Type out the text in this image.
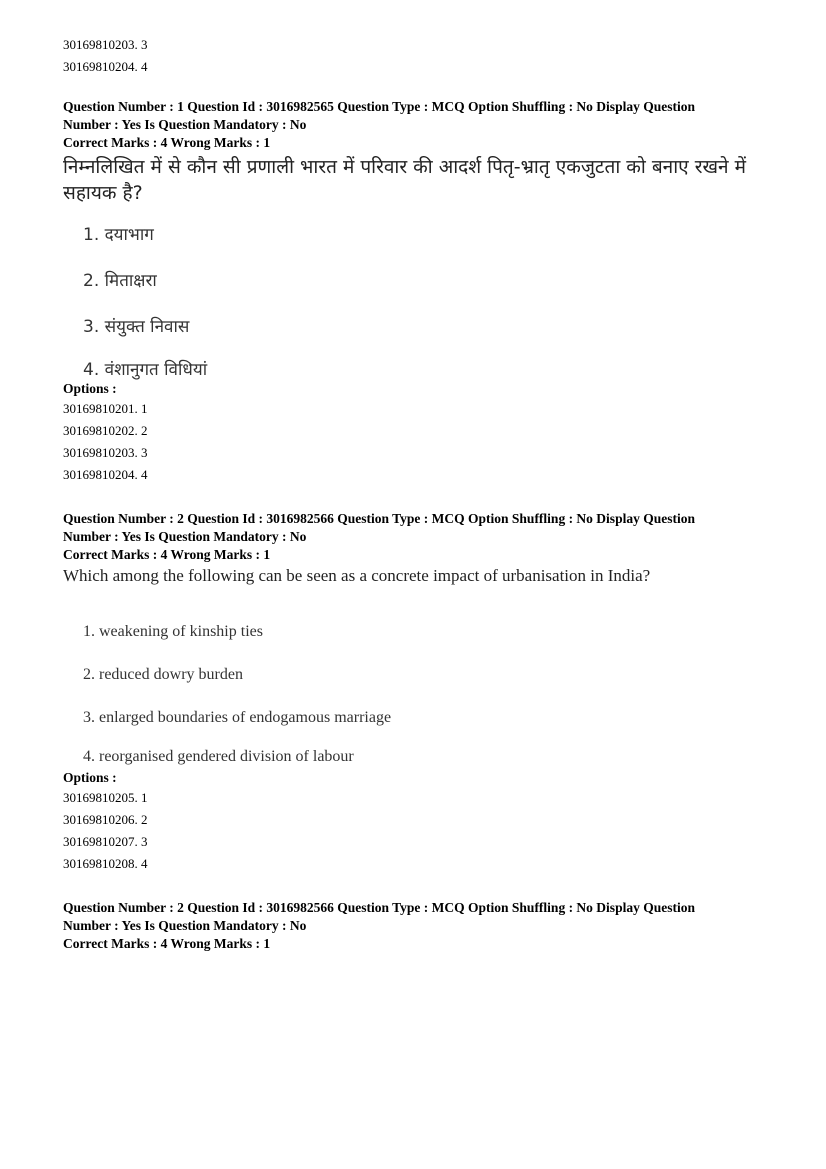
30169810203. 3
30169810204. 4
Question Number : 1 Question Id : 3016982565 Question Type : MCQ Option Shuffling : No Display Question
Number : Yes Is Question Mandatory : No
Correct Marks : 4 Wrong Marks : 1
निम्नलिखित में से कौन सी प्रणाली भारत में परिवार की आदर्श पितृ-भ्रातृ एकजुटता को बनाए रखने में
सहायक है?
1. दयाभाग
2. मिताक्षरा
3. संयुक्त निवास
4. वंशानुगत विधियां
Options :
30169810201. 1
30169810202. 2
30169810203. 3
30169810204. 4
Question Number : 2 Question Id : 3016982566 Question Type : MCQ Option Shuffling : No Display Question
Number : Yes Is Question Mandatory : No
Correct Marks : 4 Wrong Marks : 1
Which among the following can be seen as a concrete impact of urbanisation in India?
1. weakening of kinship ties
2. reduced dowry burden
3. enlarged boundaries of endogamous marriage
4. reorganised gendered division of labour
Options :
30169810205. 1
30169810206. 2
30169810207. 3
30169810208. 4
Question Number : 2 Question Id : 3016982566 Question Type : MCQ Option Shuffling : No Display Question
Number : Yes Is Question Mandatory : No
Correct Marks : 4 Wrong Marks : 1
